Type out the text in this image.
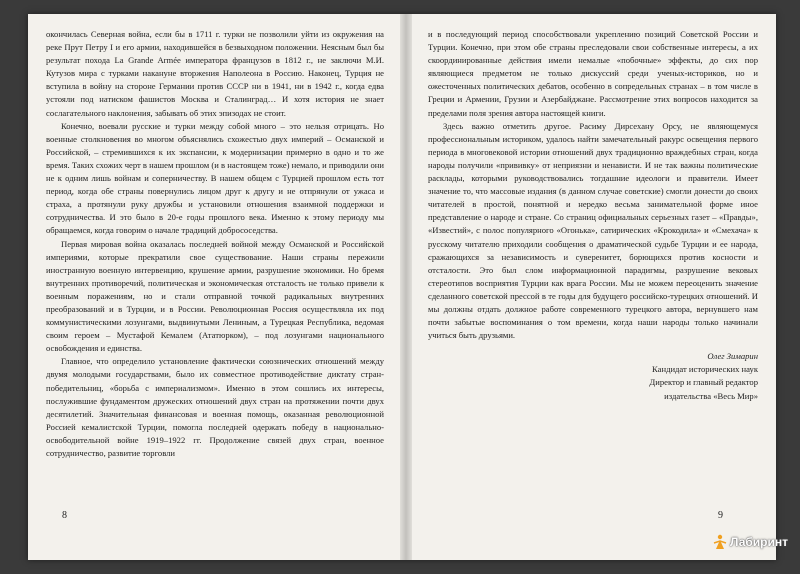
окончилась Северная война, если бы в 1711 г. турки не позволили уйти из окружения на реке Прут Петру I и его армии, находившейся в безвыходном положении. Неясным был бы результат похода La Grande Armée императора французов в 1812 г., не заключи М.И. Кутузов мира с турками накануне вторжения Наполеона в Россию. Наконец, Турция не вступила в войну на стороне Германии против СССР ни в 1941, ни в 1942 г., когда едва устояли под натиском фашистов Москва и Сталинград… И хотя история не знает сослагательного наклонения, забывать об этих эпизодах не стоит.

Конечно, воевали русские и турки между собой много – это нельзя отрицать. Но военные столкновения во многом объяснялись схожестью двух империй – Османской и Российской, – стремившихся к их экспансии, к модернизации примерно в одно и то же время. Таких схожих черт в нашем прошлом (и в настоящем тоже) немало, и приводили они не к одним лишь войнам и соперничеству. В нашем общем с Турцией прошлом есть тот период, когда обе страны повернулись лицом друг к другу и не отпрянули от ужаса и страха, а протянули руку дружбы и установили отношения взаимной поддержки и сотрудничества. И это было в 20-е годы прошлого века. Именно к этому периоду мы обращаемся, когда говорим о начале традиций добрососедства.

Первая мировая война оказалась последней войной между Османской и Российской империями, которые прекратили свое существование. Наши страны пережили иностранную военную интервенцию, крушение армии, разрушение экономики. Но бремя внутренних противоречий, политическая и экономическая отсталость не только привели к военным поражениям, но и стали отправной точкой радикальных внутренних преобразований и в Турции, и в России. Революционная Россия осуществляла их под коммунистическими лозунгами, выдвинутыми Лениным, а Турецкая Республика, ведомая своим героем – Мустафой Кемалем (Ататюрком), – под лозунгами национального освобождения и единства.

Главное, что определило установление фактически союзнических отношений между двумя молодыми государствами, было их совместное противодействие диктату стран-победительниц, «борьба с империализмом». Именно в этом сошлись их интересы, послужившие фундаментом дружеских отношений двух стран на протяжении почти двух десятилетий. Значительная финансовая и военная помощь, оказанная революционной Россией кемалистской Турции, помогла последней одержать победу в национально-освободительной войне 1919–1922 гг. Продолжение связей двух стран, военное сотрудничество, развитие торговли

и в последующий период способствовали укреплению позиций Советской России и Турции. Конечно, при этом обе страны преследовали свои собственные интересы, а их скоординированные действия имели немалые «побочные» эффекты, до сих пор являющиеся предметом не только дискуссий среди ученых-историков, но и ожесточенных политических дебатов, особенно в сопредельных странах – в том числе в Греции и Армении, Грузии и Азербайджане. Рассмотрение этих вопросов находится за пределами поля зрения автора настоящей книги.

Здесь важно отметить другое. Расиму Дирсехану Орсу, не являющемуся профессиональным историком, удалось найти замечательный ракурс освещения первого периода в многовековой истории отношений двух традиционно враждебных стран, когда народы получили «прививку» от неприязни и ненависти. И не так важны политические расклады, которыми руководствовались тогдашние идеологи и правители. Имеет значение то, что массовые издания (в данном случае советские) смогли донести до своих читателей в простой, понятной и нередко весьма занимательной форме иное представление о народе и стране. Со страниц официальных серьезных газет – «Правды», «Известий», с полос популярного «Огонька», сатирических «Крокодила» и «Смехача» к русскому читателю приходили сообщения о драматической судьбе Турции и ее народа, сражающихся за независимость и суверенитет, борющихся против косности и отсталости. Это был слом информационной парадигмы, разрушение вековых стереотипов восприятия Турции как врага России. Мы не можем переоценить значение сделанного советской прессой в те годы для будущего российско-турецких отношений. И мы должны отдать должное работе современного турецкого автора, вернувшего нам почти забытые воспоминания о том времени, когда наши народы только начинали учиться быть друзьями.

Олег Зимарин
Кандидат исторических наук
Директор и главный редактор
издательства «Весь Мир»
8	9
Лабиринт
